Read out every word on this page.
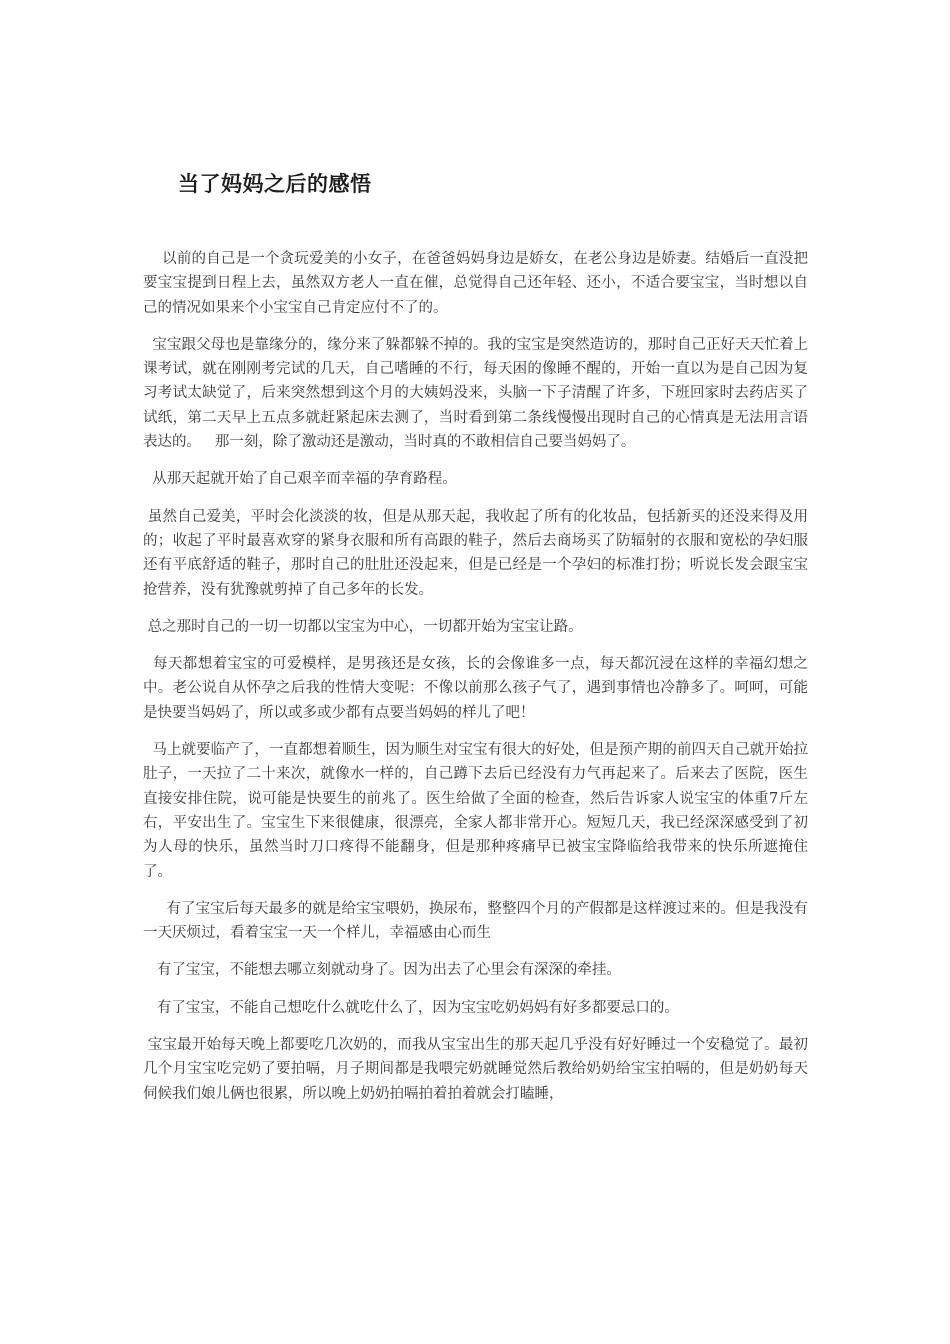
当了妈妈之后的感悟

以前的自己是一个贪玩爱美的小女子，在爸爸妈妈身边是娇女，在老公身边是娇妻。结婚后一直没把要宝宝提到日程上去，虽然双方老人一直在催，总觉得自己还年轻、还小，不适合要宝宝，当时想以自己的情况如果来个小宝宝自己肯定应付不了的。

宝宝跟父母也是靠缘分的，缘分来了躲都躲不掉的。我的宝宝是突然造访的，那时自己正好天天忙着上课考试，就在刚刚考完试的几天，自己嗜睡的不行，每天困的像睡不醒的，开始一直以为是自己因为复习考试太缺觉了，后来突然想到这个月的大姨妈没来，头脑一下子清醒了许多，下班回家时去药店买了试纸，第二天早上五点多就赶紧起床去测了，当时看到第二条线慢慢出现时自己的心情真是无法用言语表达的。   那一刻，除了激动还是激动，当时真的不敢相信自己要当妈妈了。

从那天起就开始了自己艰辛而幸福的孕育路程。

虽然自己爱美，平时会化淡淡的妆，但是从那天起，我收起了所有的化妆品，包括新买的还没来得及用的；收起了平时最喜欢穿的紧身衣服和所有高跟的鞋子，然后去商场买了防辐射的衣服和宽松的孕妇服还有平底舒适的鞋子，那时自己的肚肚还没起来，但是已经是一个孕妇的标准打扮；听说长发会跟宝宝抢营养，没有犹豫就剪掉了自己多年的长发。

总之那时自己的一切一切都以宝宝为中心，一切都开始为宝宝让路。

每天都想着宝宝的可爱模样，是男孩还是女孩，长的会像谁多一点，每天都沉浸在这样的幸福幻想之中。老公说自从怀孕之后我的性情大变呢：不像以前那么孩子气了，遇到事情也冷静多了。呵呵，可能是快要当妈妈了，所以或多或少都有点要当妈妈的样儿了吧！

马上就要临产了，一直都想着顺生，因为顺生对宝宝有很大的好处，但是预产期的前四天自己就开始拉肚子，一天拉了二十来次，就像水一样的，自己蹲下去后已经没有力气再起来了。后来去了医院，医生直接安排住院，说可能是快要生的前兆了。医生给做了全面的检查，然后告诉家人说宝宝的体重7斤左右，平安出生了。宝宝生下来很健康，很漂亮，全家人都非常开心。短短几天，我已经深深感受到了初为人母的快乐，虽然当时刀口疼得不能翻身，但是那种疼痛早已被宝宝降临给我带来的快乐所遮掩住了。

有了宝宝后每天最多的就是给宝宝喂奶，换尿布，整整四个月的产假都是这样渡过来的。但是我没有一天厌烦过，看着宝宝一天一个样儿，幸福感由心而生

有了宝宝，不能想去哪立刻就动身了。因为出去了心里会有深深的牵挂。

有了宝宝，不能自己想吃什么就吃什么了，因为宝宝吃奶妈妈有好多都要忌口的。

宝宝最开始每天晚上都要吃几次奶的，而我从宝宝出生的那天起几乎没有好好睡过一个安稳觉了。最初几个月宝宝吃完奶了要拍嗝，月子期间都是我喂完奶就睡觉然后教给奶奶给宝宝拍嗝的，但是奶奶每天伺候我们娘儿俩也很累，所以晚上奶奶拍嗝拍着拍着就会打瞌睡，
